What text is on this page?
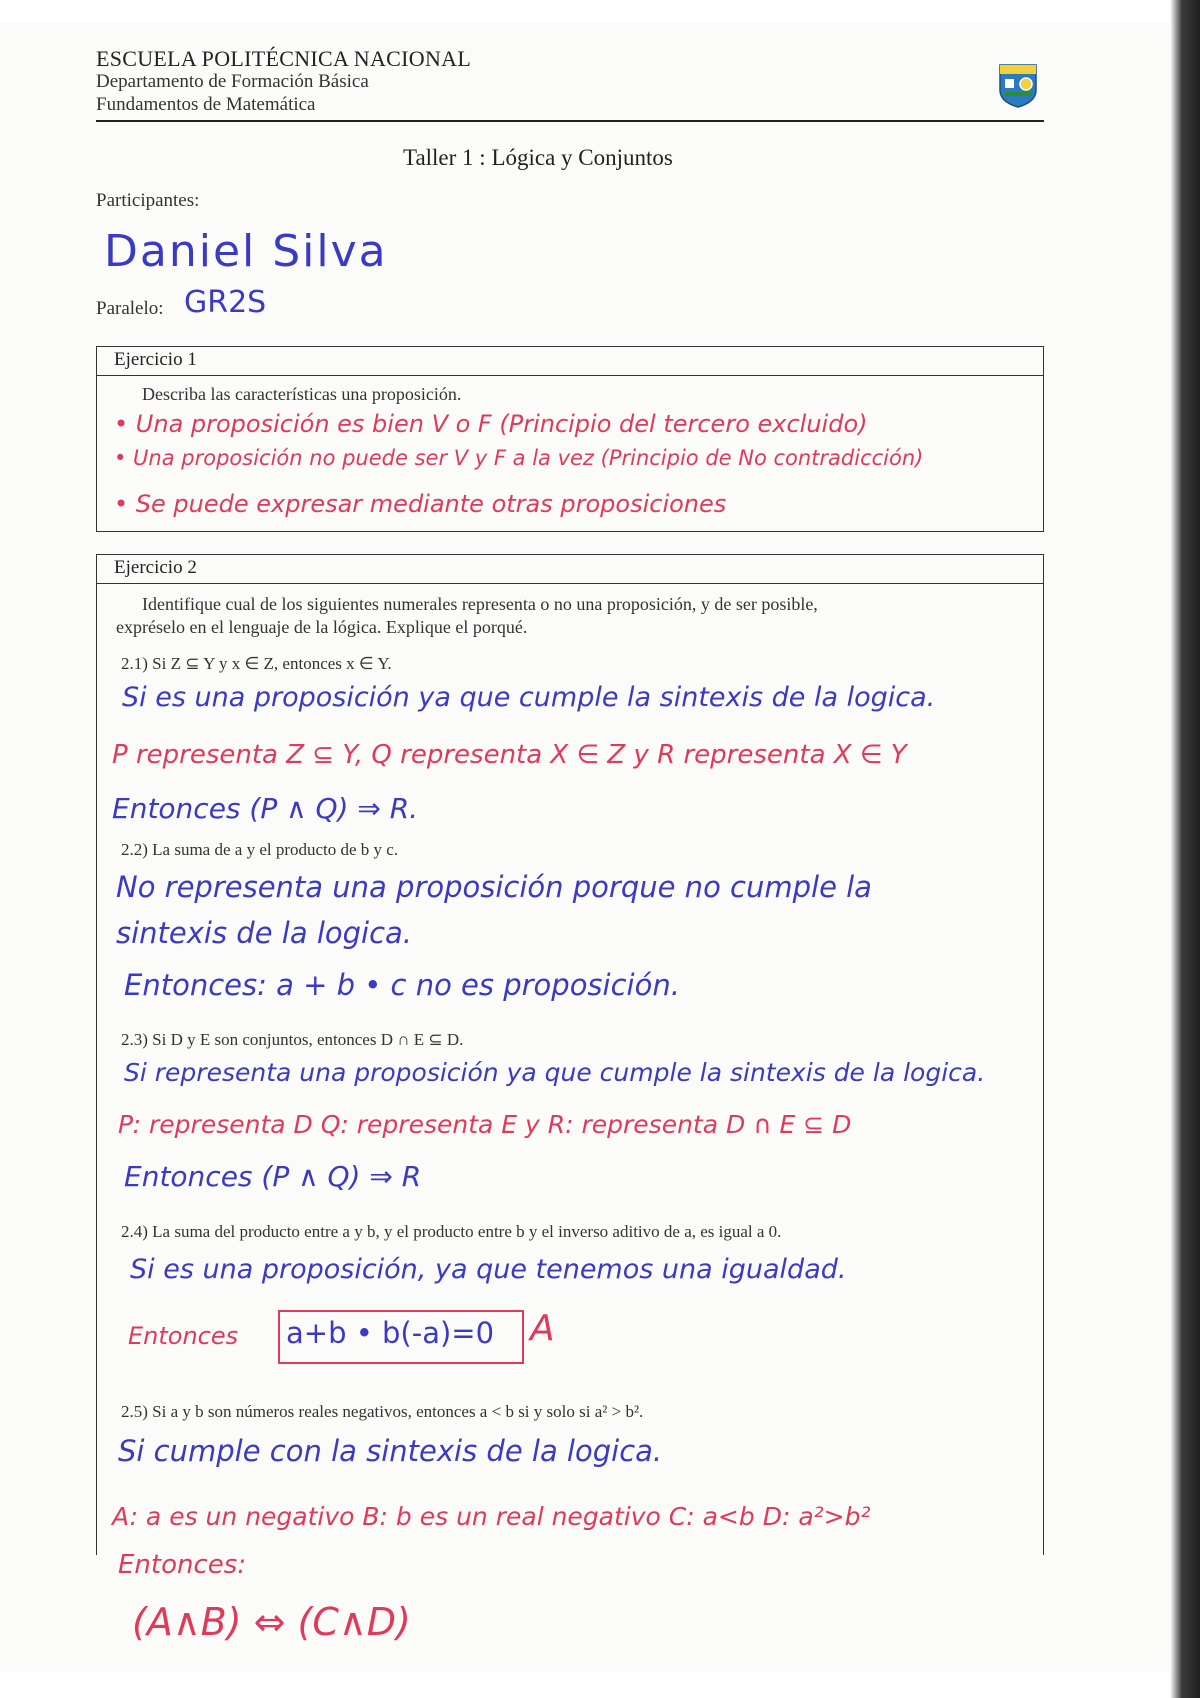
ESCUELA POLITÉCNICA NACIONAL
Departamento de Formación Básica
Fundamentos de Matemática
Taller 1 : Lógica y Conjuntos
Participantes:
Daniel Silva
Paralelo: GR2S
Ejercicio 1
Describa las características una proposición.
• Una proposición es bien V o F (Principio del tercero excluido)
• Una proposición no puede ser V y F a la vez (Principio de No contradicción)
• Se puede expresar mediante otras proposiciones
Ejercicio 2
Identifique cual de los siguientes numerales representa o no una proposición, y de ser posible,
expréselo en el lenguaje de la lógica. Explique el porqué.
2.1) Si Z ⊆ Y y x ∈ Z, entonces x ∈ Y.
Si es una proposición ya que cumple la sintexis de la logica.
P representa Z ⊆ Y, Q representa X ∈ Z y R representa X ∈ Y
Entonces (P ∧ Q) ⇒ R.
2.2) La suma de a y el producto de b y c.
No representa una proposición porque no cumple la
sintexis de la logica.
Entonces: a + b • c no es proposición.
2.3) Si D y E son conjuntos, entonces D ∩ E ⊆ D.
Si representa una proposición ya que cumple la sintexis de la logica.
P: representa D Q: representa E y R: representa D ∩ E ⊆ D
Entonces (P ∧ Q) ⇒ R
2.4) La suma del producto entre a y b, y el producto entre b y el inverso aditivo de a, es igual a 0.
Si es una proposición, ya que tenemos una igualdad.
Entonces a+b • b(-a)=0 A
2.5) Si a y b son números reales negativos, entonces a < b si y solo si a² > b².
Si cumple con la sintexis de la logica.
A: a es un negativo B: b es un real negativo C: a<b D: a²>b²
Entonces:
(A∧B) ⇔ (C∧D)
